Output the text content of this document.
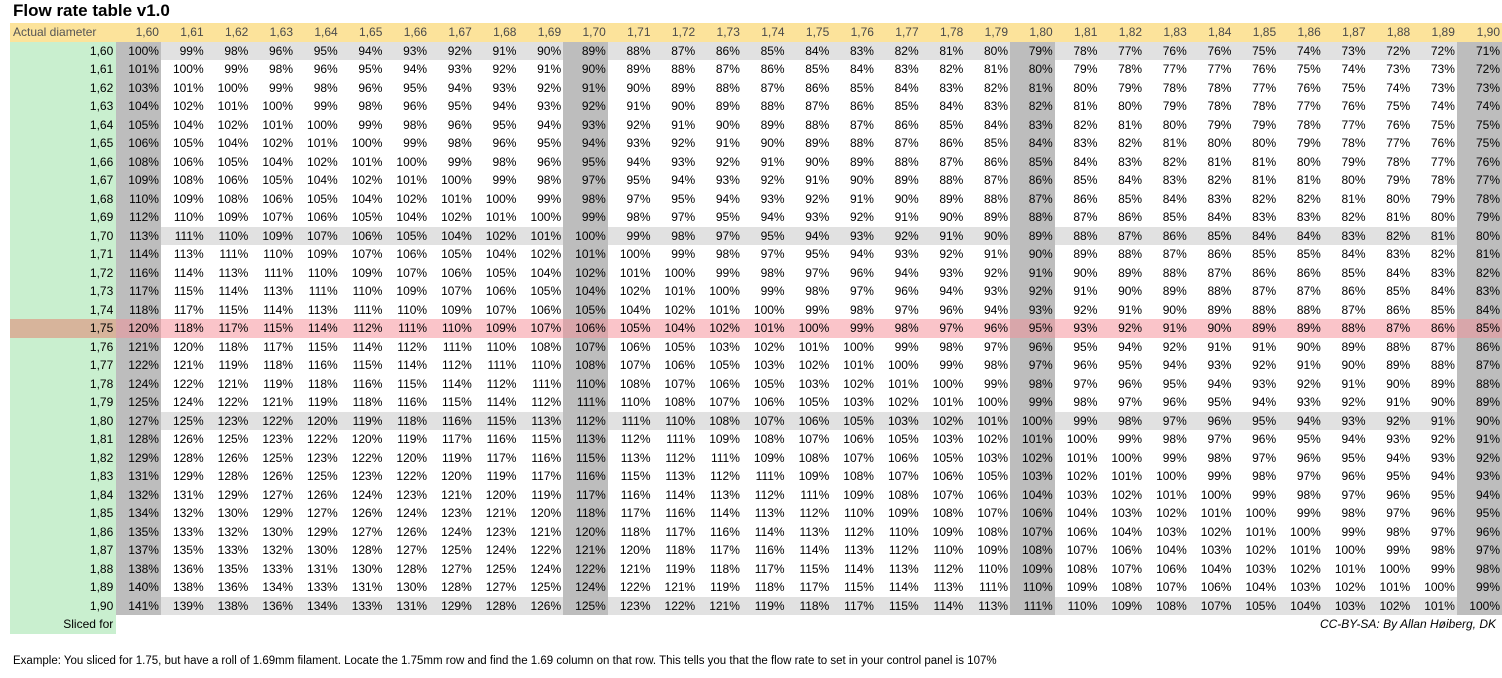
Flow rate table v1.0
Actual diameter	1,60	1,61	1,62	1,63	1,64	1,65	1,66	1,67	1,68	1,69	1,70	1,71	1,72	1,73	1,74	1,75	1,76	1,77	1,78	1,79	1,80	1,81	1,82	1,83	1,84	1,85	1,86	1,87	1,88	1,89	1,90
1,60	100%	99%	98%	96%	95%	94%	93%	92%	91%	90%	89%	88%	87%	86%	85%	84%	83%	82%	81%	80%	79%	78%	77%	76%	76%	75%	74%	73%	72%	72%	71%
1,61	101%	100%	99%	98%	96%	95%	94%	93%	92%	91%	90%	89%	88%	87%	86%	85%	84%	83%	82%	81%	80%	79%	78%	77%	77%	76%	75%	74%	73%	73%	72%
1,62	103%	101%	100%	99%	98%	96%	95%	94%	93%	92%	91%	90%	89%	88%	87%	86%	85%	84%	83%	82%	81%	80%	79%	78%	78%	77%	76%	75%	74%	73%	73%
1,63	104%	102%	101%	100%	99%	98%	96%	95%	94%	93%	92%	91%	90%	89%	88%	87%	86%	85%	84%	83%	82%	81%	80%	79%	78%	78%	77%	76%	75%	74%	74%
1,64	105%	104%	102%	101%	100%	99%	98%	96%	95%	94%	93%	92%	91%	90%	89%	88%	87%	86%	85%	84%	83%	82%	81%	80%	79%	79%	78%	77%	76%	75%	75%
1,65	106%	105%	104%	102%	101%	100%	99%	98%	96%	95%	94%	93%	92%	91%	90%	89%	88%	87%	86%	85%	84%	83%	82%	81%	80%	80%	79%	78%	77%	76%	75%
1,66	108%	106%	105%	104%	102%	101%	100%	99%	98%	96%	95%	94%	93%	92%	91%	90%	89%	88%	87%	86%	85%	84%	83%	82%	81%	81%	80%	79%	78%	77%	76%
1,67	109%	108%	106%	105%	104%	102%	101%	100%	99%	98%	97%	95%	94%	93%	92%	91%	90%	89%	88%	87%	86%	85%	84%	83%	82%	81%	81%	80%	79%	78%	77%
1,68	110%	109%	108%	106%	105%	104%	102%	101%	100%	99%	98%	97%	95%	94%	93%	92%	91%	90%	89%	88%	87%	86%	85%	84%	83%	82%	82%	81%	80%	79%	78%
1,69	112%	110%	109%	107%	106%	105%	104%	102%	101%	100%	99%	98%	97%	95%	94%	93%	92%	91%	90%	89%	88%	87%	86%	85%	84%	83%	83%	82%	81%	80%	79%
1,70	113%	111%	110%	109%	107%	106%	105%	104%	102%	101%	100%	99%	98%	97%	95%	94%	93%	92%	91%	90%	89%	88%	87%	86%	85%	84%	84%	83%	82%	81%	80%
1,71	114%	113%	111%	110%	109%	107%	106%	105%	104%	102%	101%	100%	99%	98%	97%	95%	94%	93%	92%	91%	90%	89%	88%	87%	86%	85%	85%	84%	83%	82%	81%
1,72	116%	114%	113%	111%	110%	109%	107%	106%	105%	104%	102%	101%	100%	99%	98%	97%	96%	94%	93%	92%	91%	90%	89%	88%	87%	86%	86%	85%	84%	83%	82%
1,73	117%	115%	114%	113%	111%	110%	109%	107%	106%	105%	104%	102%	101%	100%	99%	98%	97%	96%	94%	93%	92%	91%	90%	89%	88%	87%	87%	86%	85%	84%	83%
1,74	118%	117%	115%	114%	113%	111%	110%	109%	107%	106%	105%	104%	102%	101%	100%	99%	98%	97%	96%	94%	93%	92%	91%	90%	89%	88%	88%	87%	86%	85%	84%
1,75	120%	118%	117%	115%	114%	112%	111%	110%	109%	107%	106%	105%	104%	102%	101%	100%	99%	98%	97%	96%	95%	93%	92%	91%	90%	89%	89%	88%	87%	86%	85%
1,76	121%	120%	118%	117%	115%	114%	112%	111%	110%	108%	107%	106%	105%	103%	102%	101%	100%	99%	98%	97%	96%	95%	94%	92%	91%	91%	90%	89%	88%	87%	86%
1,77	122%	121%	119%	118%	116%	115%	114%	112%	111%	110%	108%	107%	106%	105%	103%	102%	101%	100%	99%	98%	97%	96%	95%	94%	93%	92%	91%	90%	89%	88%	87%
1,78	124%	122%	121%	119%	118%	116%	115%	114%	112%	111%	110%	108%	107%	106%	105%	103%	102%	101%	100%	99%	98%	97%	96%	95%	94%	93%	92%	91%	90%	89%	88%
1,79	125%	124%	122%	121%	119%	118%	116%	115%	114%	112%	111%	110%	108%	107%	106%	105%	103%	102%	101%	100%	99%	98%	97%	96%	95%	94%	93%	92%	91%	90%	89%
1,80	127%	125%	123%	122%	120%	119%	118%	116%	115%	113%	112%	111%	110%	108%	107%	106%	105%	103%	102%	101%	100%	99%	98%	97%	96%	95%	94%	93%	92%	91%	90%
1,81	128%	126%	125%	123%	122%	120%	119%	117%	116%	115%	113%	112%	111%	109%	108%	107%	106%	105%	103%	102%	101%	100%	99%	98%	97%	96%	95%	94%	93%	92%	91%
1,82	129%	128%	126%	125%	123%	122%	120%	119%	117%	116%	115%	113%	112%	111%	109%	108%	107%	106%	105%	103%	102%	101%	100%	99%	98%	97%	96%	95%	94%	93%	92%
1,83	131%	129%	128%	126%	125%	123%	122%	120%	119%	117%	116%	115%	113%	112%	111%	109%	108%	107%	106%	105%	103%	102%	101%	100%	99%	98%	97%	96%	95%	94%	93%
1,84	132%	131%	129%	127%	126%	124%	123%	121%	120%	119%	117%	116%	114%	113%	112%	111%	109%	108%	107%	106%	104%	103%	102%	101%	100%	99%	98%	97%	96%	95%	94%
1,85	134%	132%	130%	129%	127%	126%	124%	123%	121%	120%	118%	117%	116%	114%	113%	112%	110%	109%	108%	107%	106%	104%	103%	102%	101%	100%	99%	98%	97%	96%	95%
1,86	135%	133%	132%	130%	129%	127%	126%	124%	123%	121%	120%	118%	117%	116%	114%	113%	112%	110%	109%	108%	107%	106%	104%	103%	102%	101%	100%	99%	98%	97%	96%
1,87	137%	135%	133%	132%	130%	128%	127%	125%	124%	122%	121%	120%	118%	117%	116%	114%	113%	112%	110%	109%	108%	107%	106%	104%	103%	102%	101%	100%	99%	98%	97%
1,88	138%	136%	135%	133%	131%	130%	128%	127%	125%	124%	122%	121%	119%	118%	117%	115%	114%	113%	112%	110%	109%	108%	107%	106%	104%	103%	102%	101%	100%	99%	98%
1,89	140%	138%	136%	134%	133%	131%	130%	128%	127%	125%	124%	122%	121%	119%	118%	117%	115%	114%	113%	111%	110%	109%	108%	107%	106%	104%	103%	102%	101%	100%	99%
1,90	141%	139%	138%	136%	134%	133%	131%	129%	128%	126%	125%	123%	122%	121%	119%	118%	117%	115%	114%	113%	111%	110%	109%	108%	107%	105%	104%	103%	102%	101%	100%
Sliced for	CC-BY-SA: By Allan Høiberg, DK																														
Example: You sliced for 1.75, but have a roll of 1.69mm filament. Locate the 1.75mm row and find the 1.69 column on that row. This tells you that the flow rate to set in your control panel is 107%
